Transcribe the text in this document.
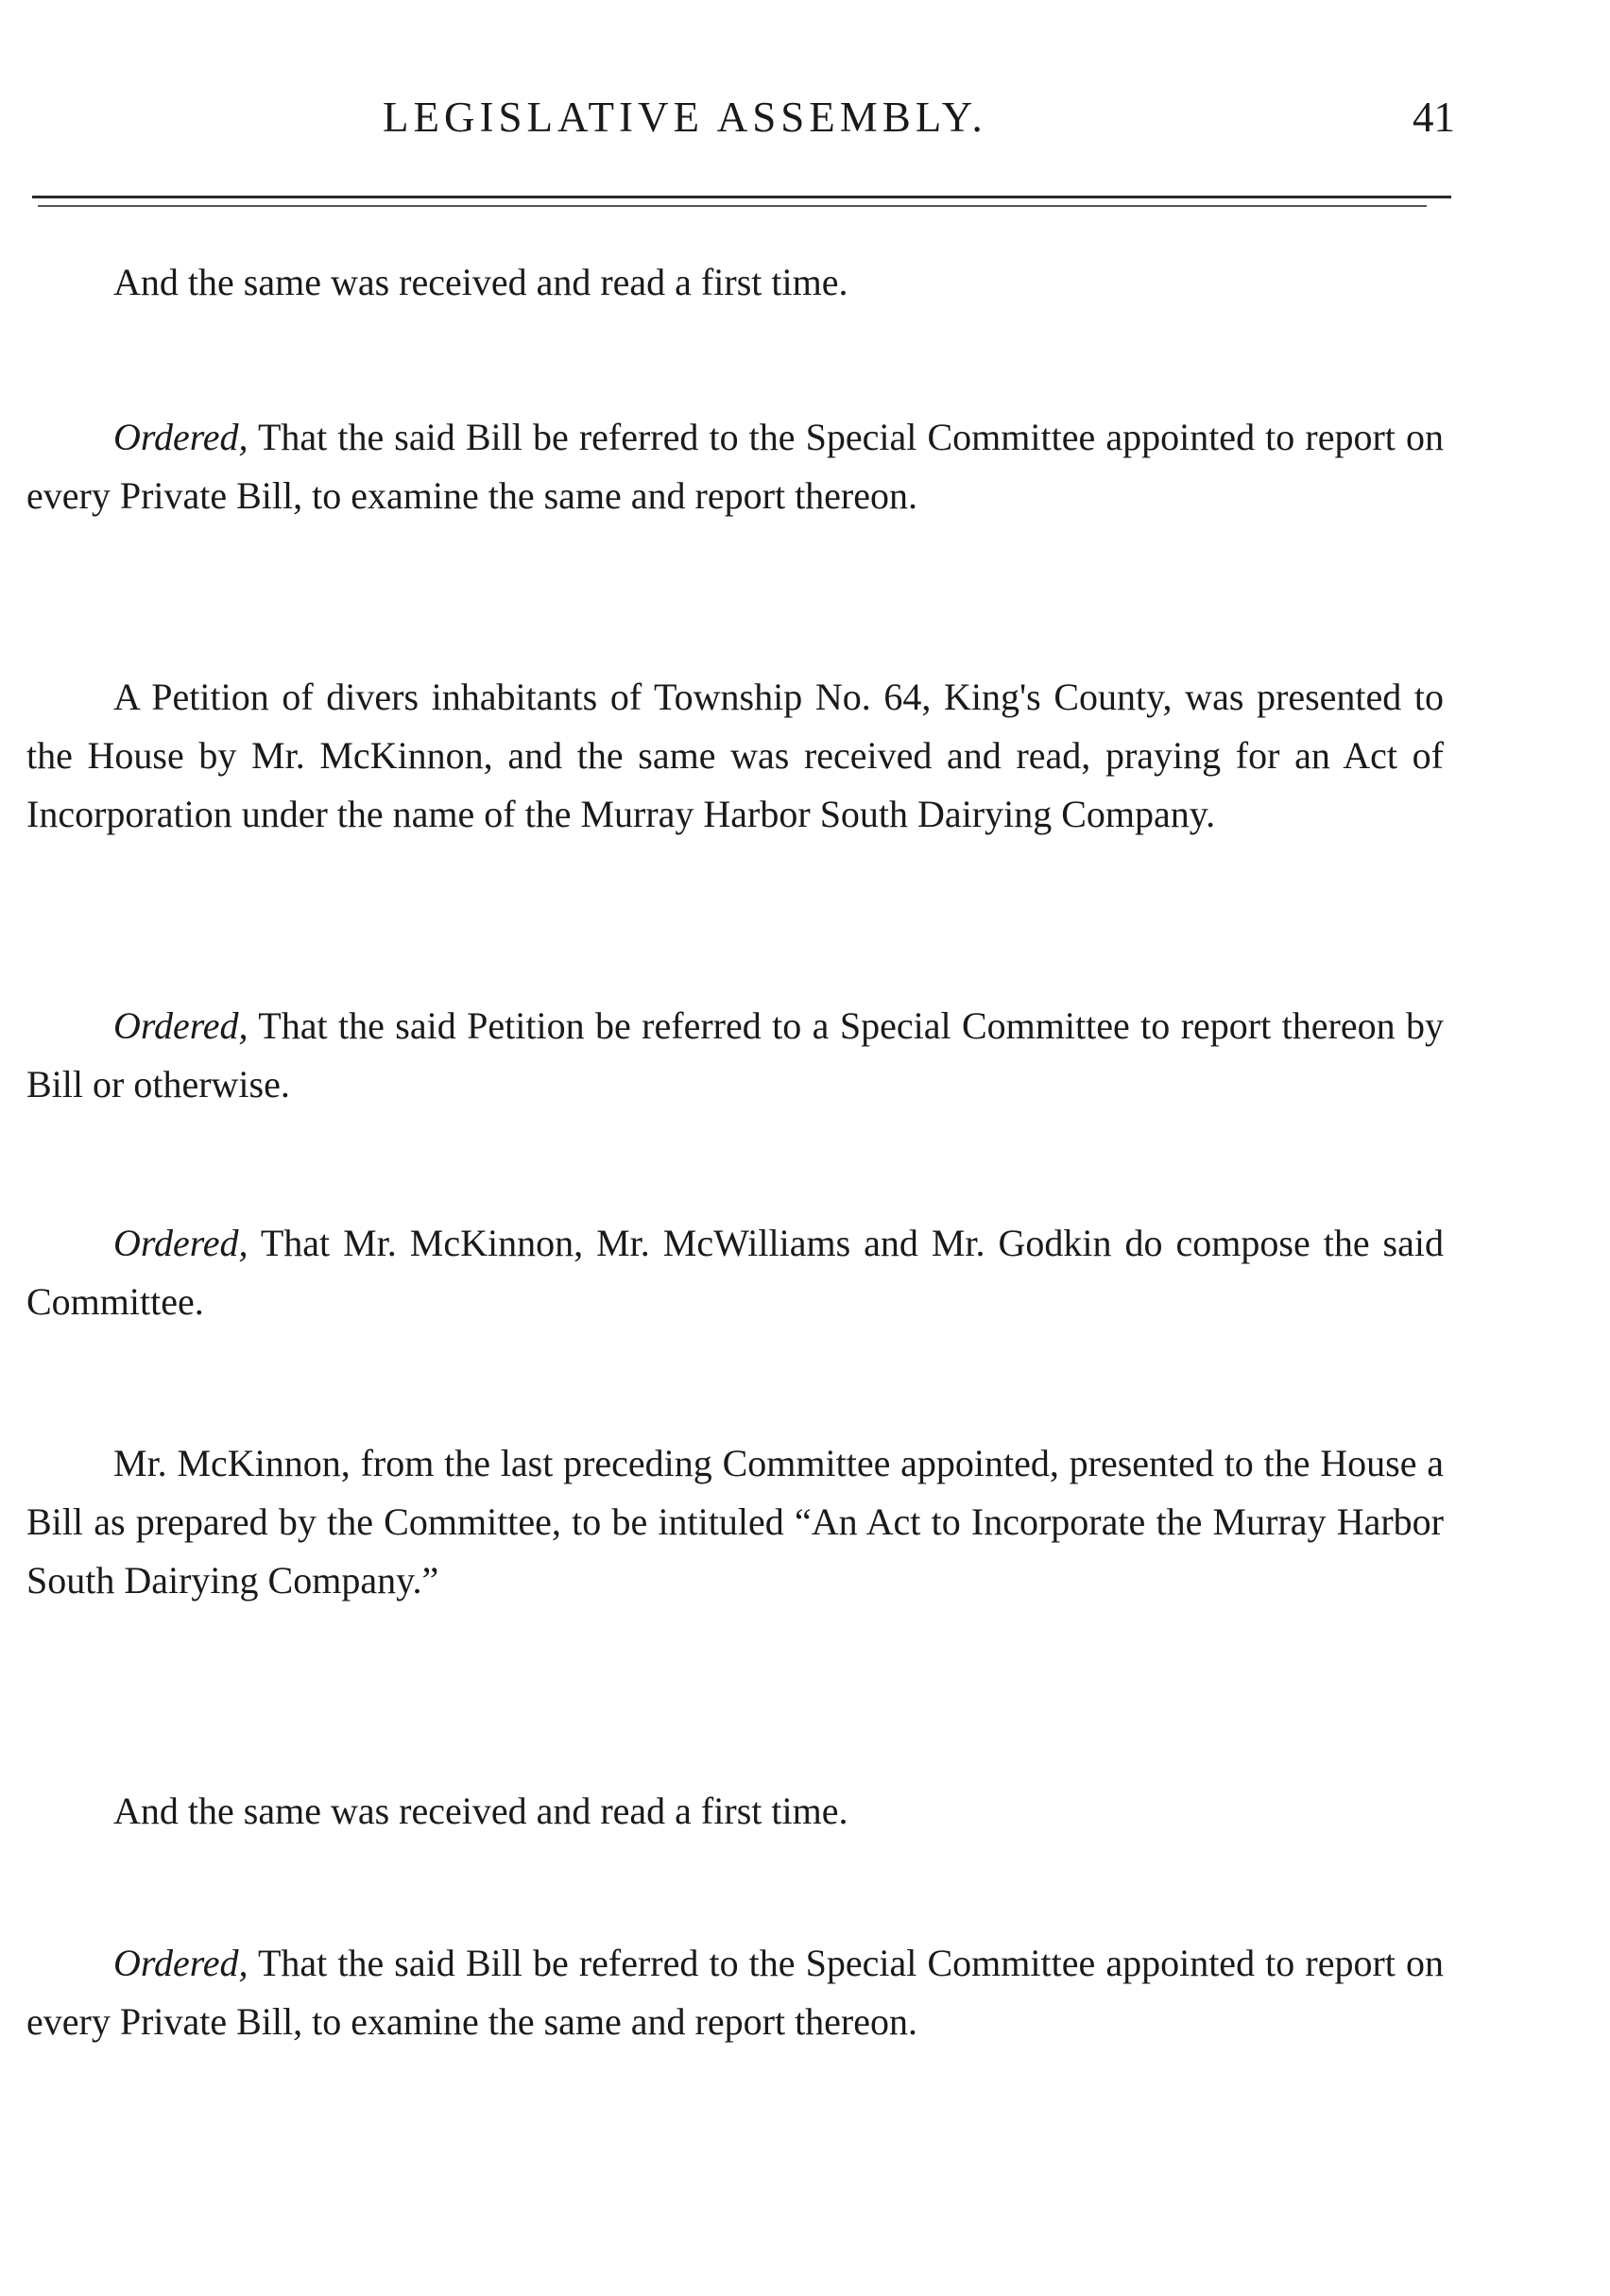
LEGISLATIVE ASSEMBLY.	41

And the same was received and read a first time.

Ordered, That the said Bill be referred to the Special Committee appointed to report on every Private Bill, to examine the same and report thereon.

A Petition of divers inhabitants of Township No. 64, King's County, was presented to the House by Mr. McKinnon, and the same was received and read, praying for an Act of Incorporation under the name of the Murray Harbor South Dairying Company.

Ordered, That the said Petition be referred to a Special Committee to report thereon by Bill or otherwise.

Ordered, That Mr. McKinnon, Mr. McWilliams and Mr. Godkin do compose the said Committee.

Mr. McKinnon, from the last preceding Committee appointed, presented to the House a Bill as prepared by the Committee, to be intituled “An Act to Incorporate the Murray Harbor South Dairying Company.”

And the same was received and read a first time.

Ordered, That the said Bill be referred to the Special Committee appointed to report on every Private Bill, to examine the same and report thereon.
